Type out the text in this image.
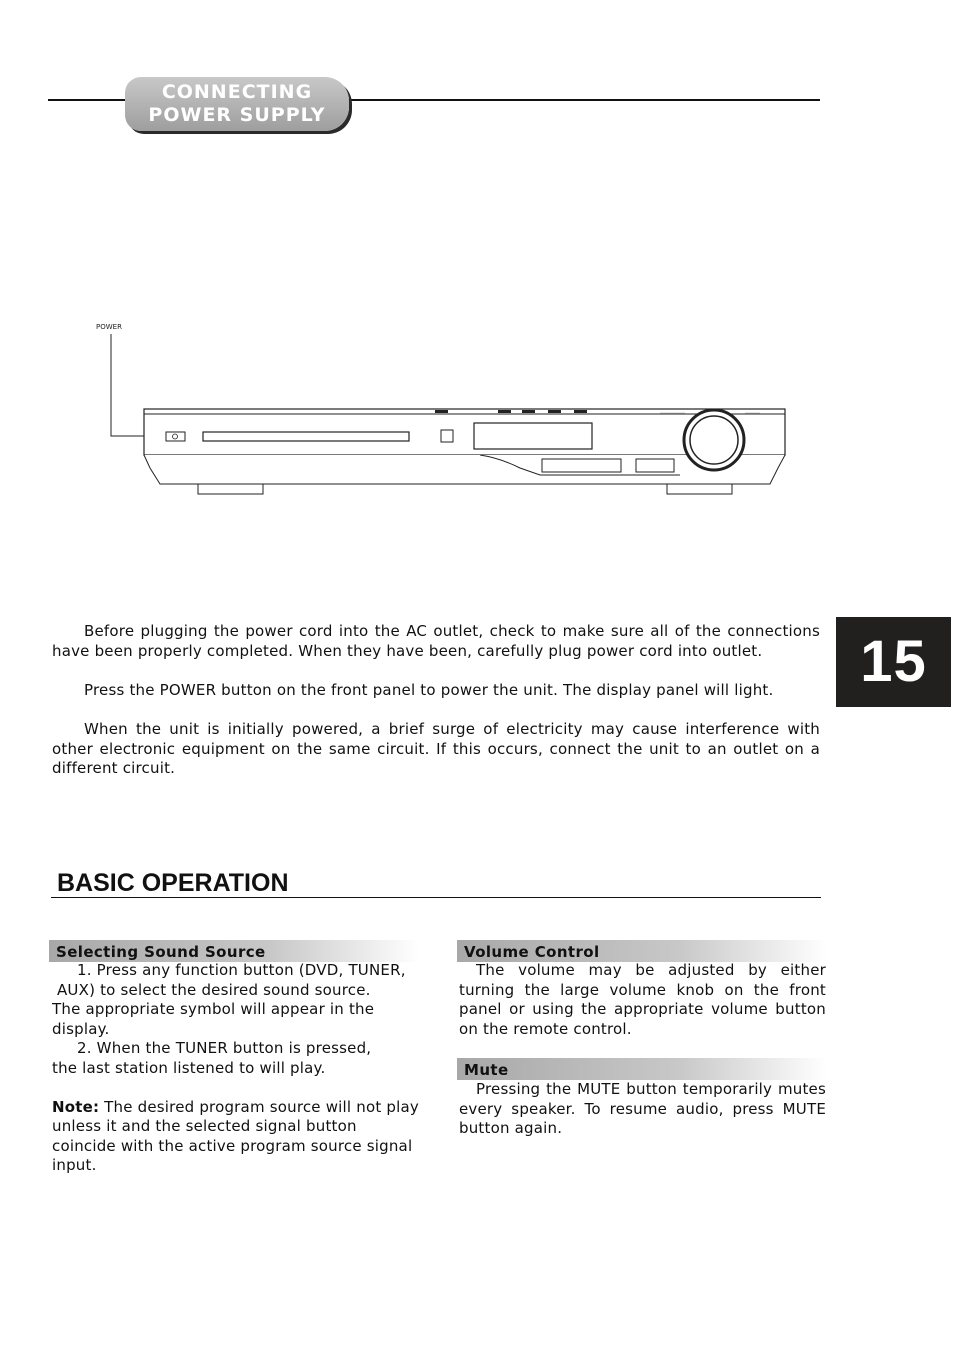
CONNECTING
POWER SUPPLY
POWER
Before plugging the power cord into the AC outlet, check to make sure all of the connections have been properly completed. When they have been, carefully plug power cord into outlet.
Press the POWER button on the front panel to power the unit. The display panel will light.
When the unit is initially powered, a brief surge of electricity may cause interference with other electronic equipment on the same circuit. If this occurs, connect the unit to an outlet on a different circuit.
15
BASIC OPERATION
Selecting Sound Source

1. Press any function button (DVD, TUNER,

AUX) to select the desired sound source.

The appropriate symbol will appear in the display.

2. When the TUNER button is pressed,

the last station listened to will play.

Note: The desired program source will not play unless it and the selected signal button coincide with the active program source signal input.

Volume Control

The volume may be adjusted by either turning the large volume knob on the front panel or using the appropriate volume button on the remote control.

Mute

Pressing the MUTE button temporarily mutes every speaker. To resume audio, press MUTE button again.
